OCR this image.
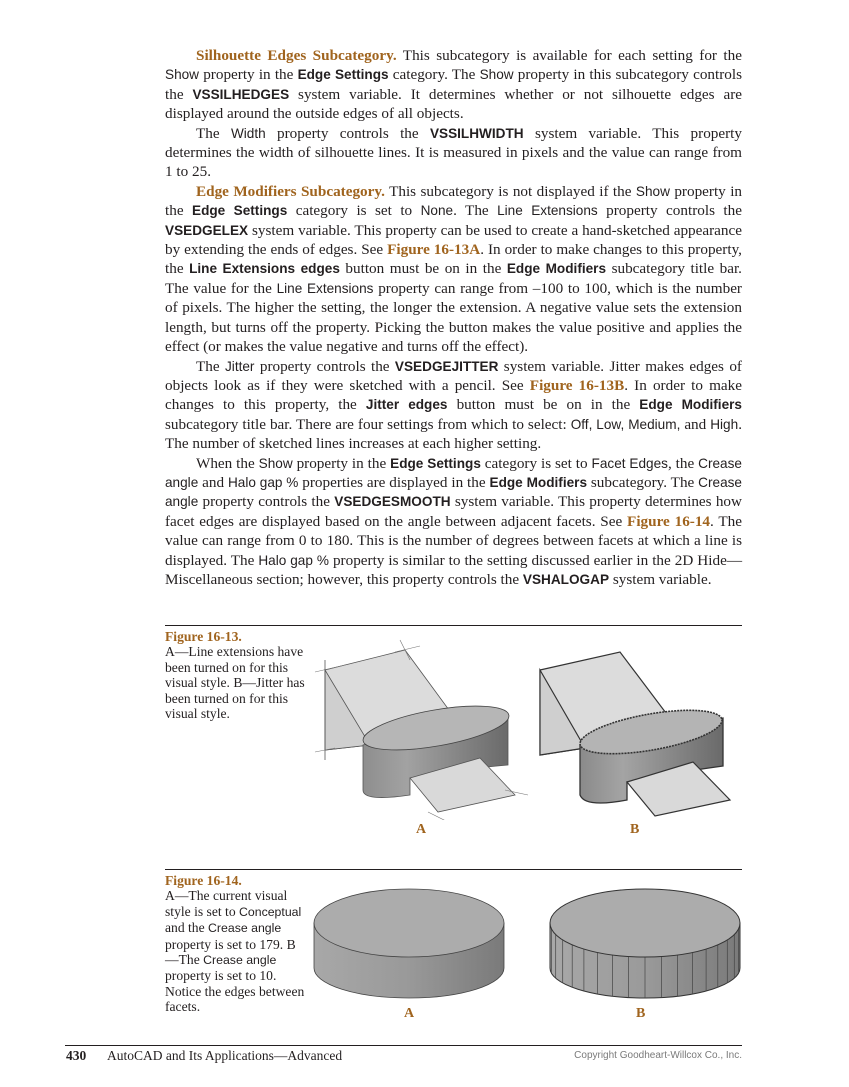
Silhouette Edges Subcategory. This subcategory is available for each setting for the Show property in the Edge Settings category. The Show property in this subcategory controls the VSSILHEDGES system variable. It determines whether or not silhouette edges are displayed around the outside edges of all objects.

The Width property controls the VSSILHWIDTH system variable. This property determines the width of silhouette lines. It is measured in pixels and the value can range from 1 to 25.

Edge Modifiers Subcategory. This subcategory is not displayed if the Show property in the Edge Settings category is set to None. The Line Extensions property controls the VSEDGELEX system variable. This property can be used to create a hand-sketched appearance by extending the ends of edges. See Figure 16-13A. In order to make changes to this property, the Line Extensions edges button must be on in the Edge Modifiers subcategory title bar. The value for the Line Extensions property can range from –100 to 100, which is the number of pixels. The higher the setting, the longer the extension. A negative value sets the extension length, but turns off the property. Picking the button makes the value positive and applies the effect (or makes the value negative and turns off the effect).

The Jitter property controls the VSEDGEJITTER system variable. Jitter makes edges of objects look as if they were sketched with a pencil. See Figure 16-13B. In order to make changes to this property, the Jitter edges button must be on in the Edge Modifiers subcategory title bar. There are four settings from which to select: Off, Low, Medium, and High. The number of sketched lines increases at each higher setting.

When the Show property in the Edge Settings category is set to Facet Edges, the Crease angle and Halo gap % properties are displayed in the Edge Modifiers subcategory. The Crease angle property controls the VSEDGESMOOTH system variable. This property determines how facet edges are displayed based on the angle between adjacent facets. See Figure 16-14. The value can range from 0 to 180. This is the number of degrees between facets at which a line is displayed. The Halo gap % property is similar to the setting discussed earlier in the 2D Hide—Miscellaneous section; however, this property controls the VSHALOGAP system variable.

Figure 16-13.
A—Line extensions have been turned on for this visual style. B—Jitter has been turned on for this visual style.
A	B
Figure 16-14.
A—The current visual style is set to Conceptual and the Crease angle property is set to 179. B—The Crease angle property is set to 10. Notice the edges between facets.	A	B
430 AutoCAD and Its Applications—Advanced	Copyright Goodheart-Willcox Co., Inc.
